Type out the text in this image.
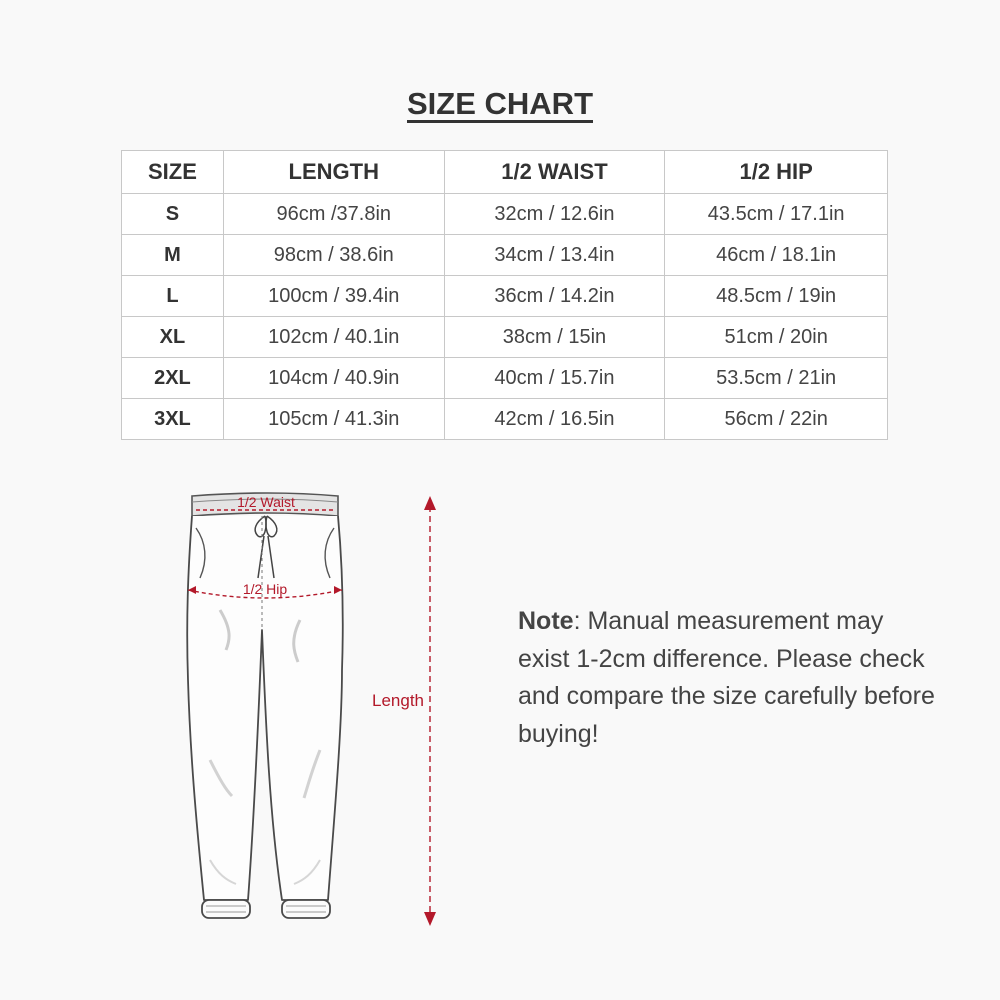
SIZE CHART
SIZE	LENGTH	1/2 WAIST	1/2 HIP
S	96cm /37.8in	32cm / 12.6in	43.5cm / 17.1in
M	98cm / 38.6in	34cm / 13.4in	46cm / 18.1in
L	100cm / 39.4in	36cm / 14.2in	48.5cm / 19in
XL	102cm / 40.1in	38cm / 15in	51cm / 20in
2XL	104cm / 40.9in	40cm / 15.7in	53.5cm / 21in
3XL	105cm / 41.3in	42cm / 16.5in	56cm / 22in
1/2 Waist
1/2 Hip
Length
Note: Manual measurement may exist 1-2cm difference. Please check and compare the size carefully before buying!
